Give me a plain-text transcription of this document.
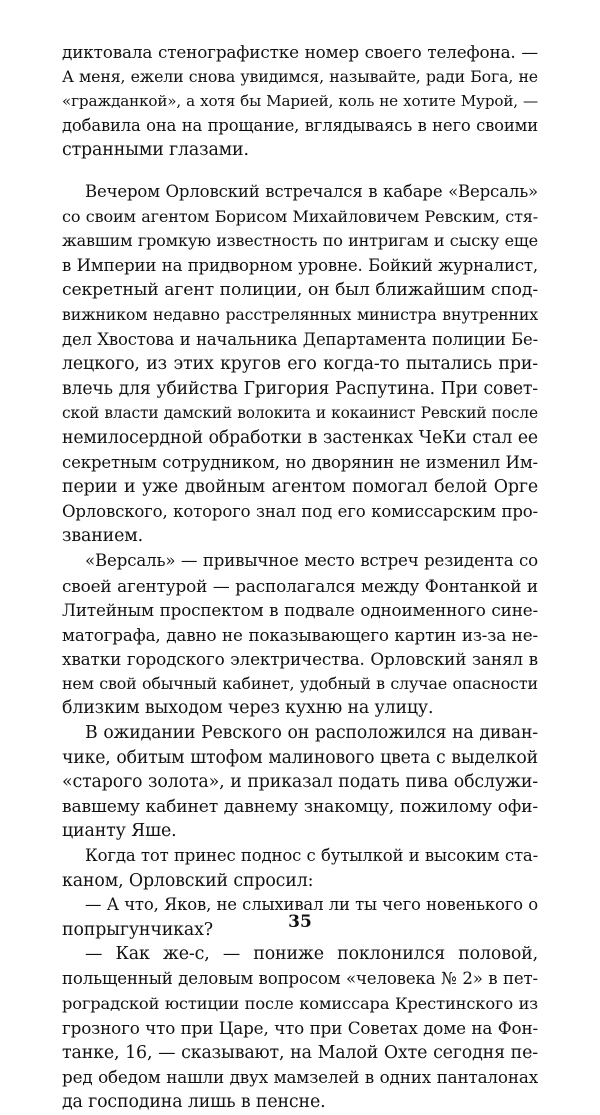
диктовала стенографистке номер своего телефона. —
А меня, ежели снова увидимся, называйте, ради Бога, не
«гражданкой», а хотя бы Марией, коль не хотите Мурой, —
добавила она на прощание, вглядываясь в него своими
странными глазами.
Вечером Орловский встречался в кабаре «Версаль»
со своим агентом Борисом Михайловичем Ревским, стя-
жавшим громкую известность по интригам и сыску еще
в Империи на придворном уровне. Бойкий журналист,
секретный агент полиции, он был ближайшим спод-
вижником недавно расстрелянных министра внутренних
дел Хвостова и начальника Департамента полиции Бе-
лецкого, из этих кругов его когда-то пытались при-
влечь для убийства Григория Распутина. При совет-
ской власти дамский волокита и кокаинист Ревский после
немилосердной обработки в застенках ЧеКи стал ее
секретным сотрудником, но дворянин не изменил Им-
перии и уже двойным агентом помогал белой Орге
Орловского, которого знал под его комиссарским про-
званием.
«Версаль» — привычное место встреч резидента со
своей агентурой — располагался между Фонтанкой и
Литейным проспектом в подвале одноименного сине-
матографа, давно не показывающего картин из-за не-
хватки городского электричества. Орловский занял в
нем свой обычный кабинет, удобный в случае опасности
близким выходом через кухню на улицу.
В ожидании Ревского он расположился на диван-
чике, обитым штофом малинового цвета с выделкой
«старого золота», и приказал подать пива обслужи-
вавшему кабинет давнему знакомцу, пожилому офи-
цианту Яше.
Когда тот принес поднос с бутылкой и высоким ста-
каном, Орловский спросил:
— А что, Яков, не слыхивал ли ты чего новенького о
попрыгунчиках?
— Как же-с, — пониже поклонился половой,
польщенный деловым вопросом «человека № 2» в пет-
роградской юстиции после комиссара Крестинского из
грозного что при Царе, что при Советах доме на Фон-
танке, 16, — сказывают, на Малой Охте сегодня пе-
ред обедом нашли двух мамзелей в одних панталонах
да господина лишь в пенсне.
35
